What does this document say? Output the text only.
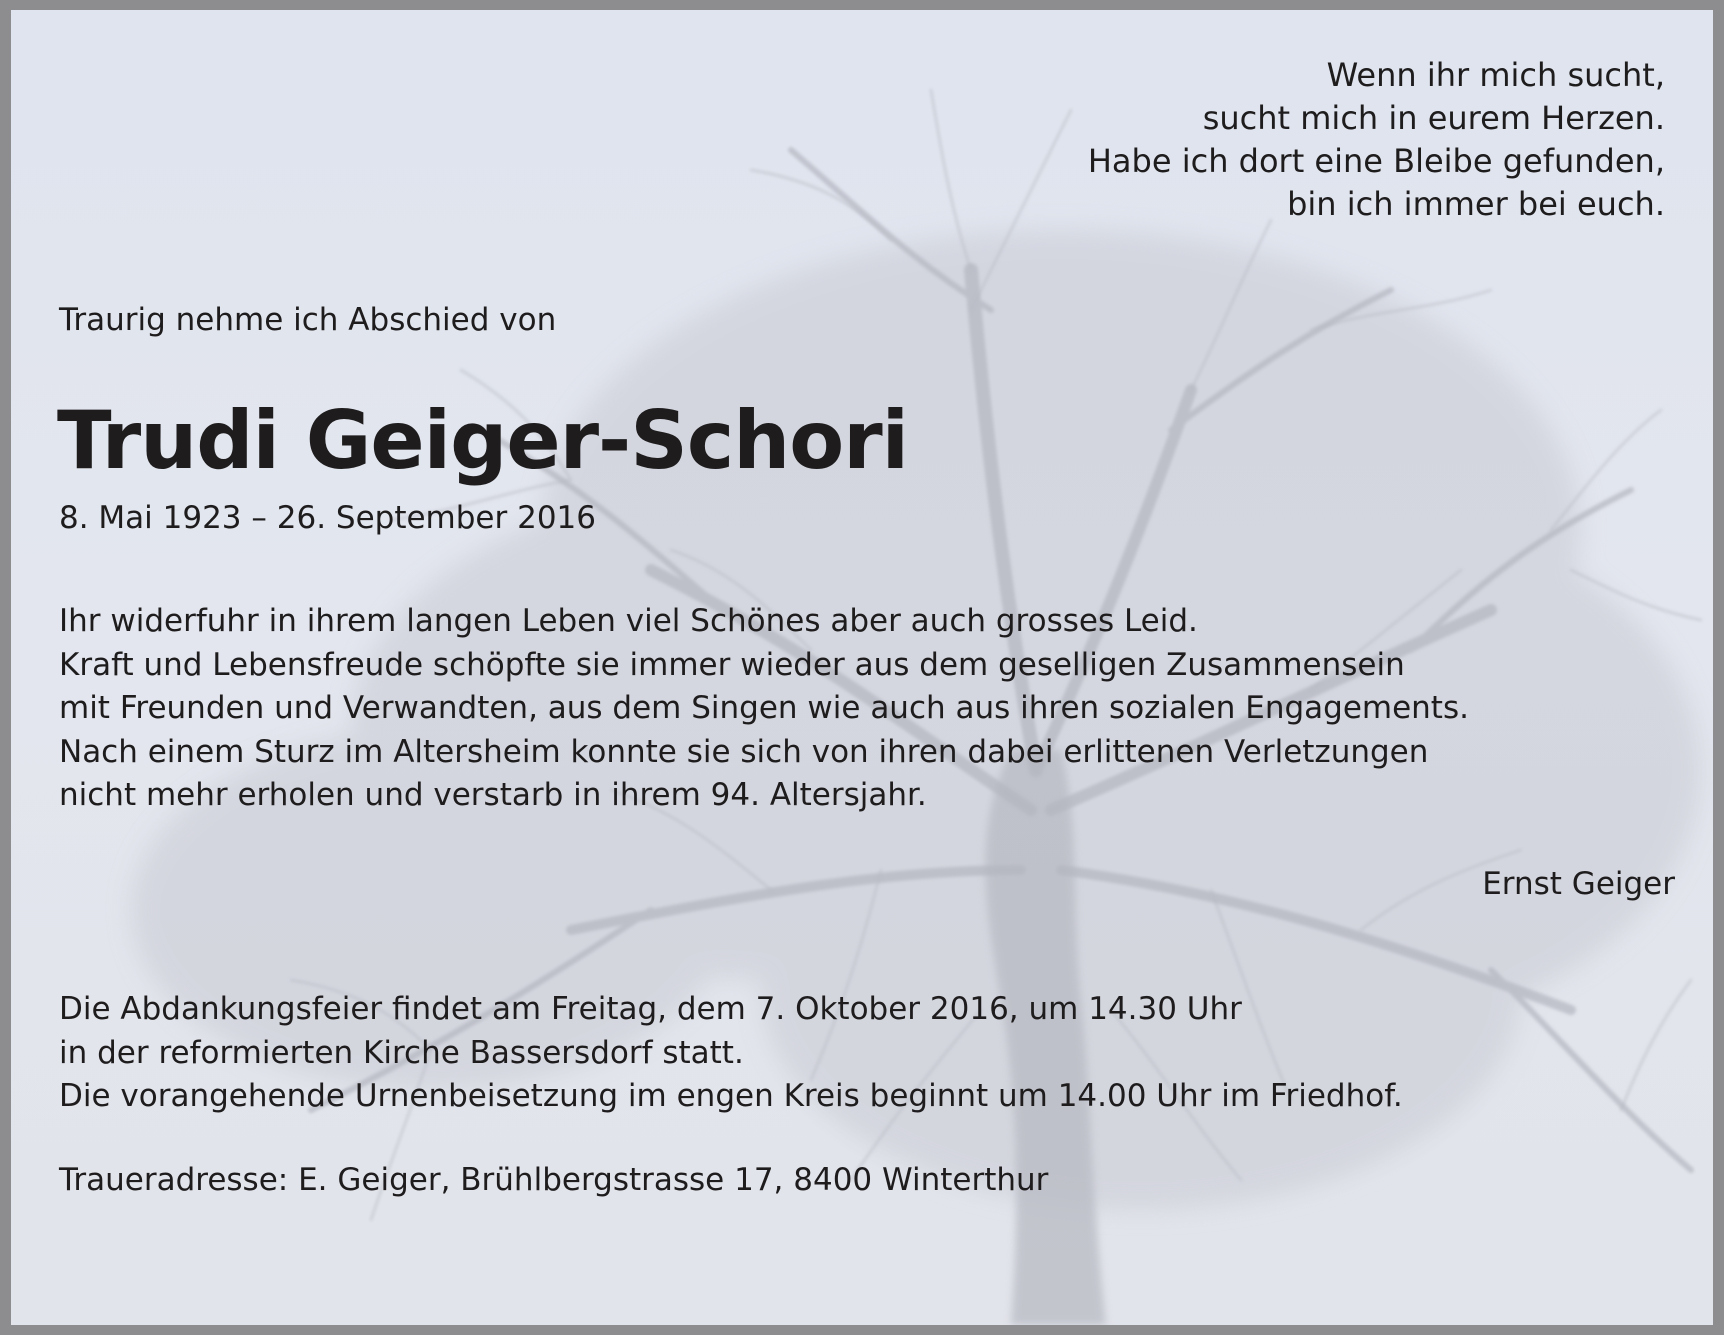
Wenn ihr mich sucht,
sucht mich in eurem Herzen.
Habe ich dort eine Bleibe gefunden,
bin ich immer bei euch.

Traurig nehme ich Abschied von

Trudi Geiger-Schori

8. Mai 1923 – 26. September 2016

Ihr widerfuhr in ihrem langen Leben viel Schönes aber auch grosses Leid.
Kraft und Lebensfreude schöpfte sie immer wieder aus dem geselligen Zusammensein
mit Freunden und Verwandten, aus dem Singen wie auch aus ihren sozialen Engagements.
Nach einem Sturz im Altersheim konnte sie sich von ihren dabei erlittenen Verletzungen
nicht mehr erholen und verstarb in ihrem 94. Altersjahr.

Ernst Geiger

Die Abdankungsfeier findet am Freitag, dem 7. Oktober 2016, um 14.30 Uhr
in der reformierten Kirche Bassersdorf statt.
Die vorangehende Urnenbeisetzung im engen Kreis beginnt um 14.00 Uhr im Friedhof.

Traueradresse: E. Geiger, Brühlbergstrasse 17, 8400 Winterthur
